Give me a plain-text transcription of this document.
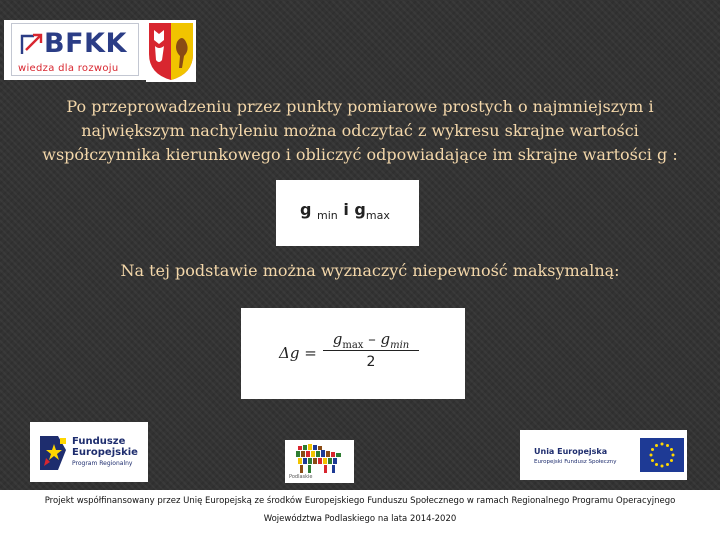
BFKK
wiedza dla rozwoju
Po przeprowadzeniu przez punkty pomiarowe prostych o najmniejszym i
największym nachyleniu można odczytać z wykresu skrajne wartości
współczynnika kierunkowego i obliczyć odpowiadające im skrajne wartości g :
g $_{min}$ i $g_{max}$
Na tej podstawie można wyznaczyć niepewność maksymalną:
Δg =
$g_{max} - g_{min}$
2
Fundusze
Europejskie
Program Regionalny
Podlaskie
Unia Europejska
Europejski Fundusz Społeczny
Projekt współfinansowany przez Unię Europejską ze środków Europejskiego Funduszu Społecznego w ramach Regionalnego Programu Operacyjnego
Województwa Podlaskiego na lata 2014-2020
